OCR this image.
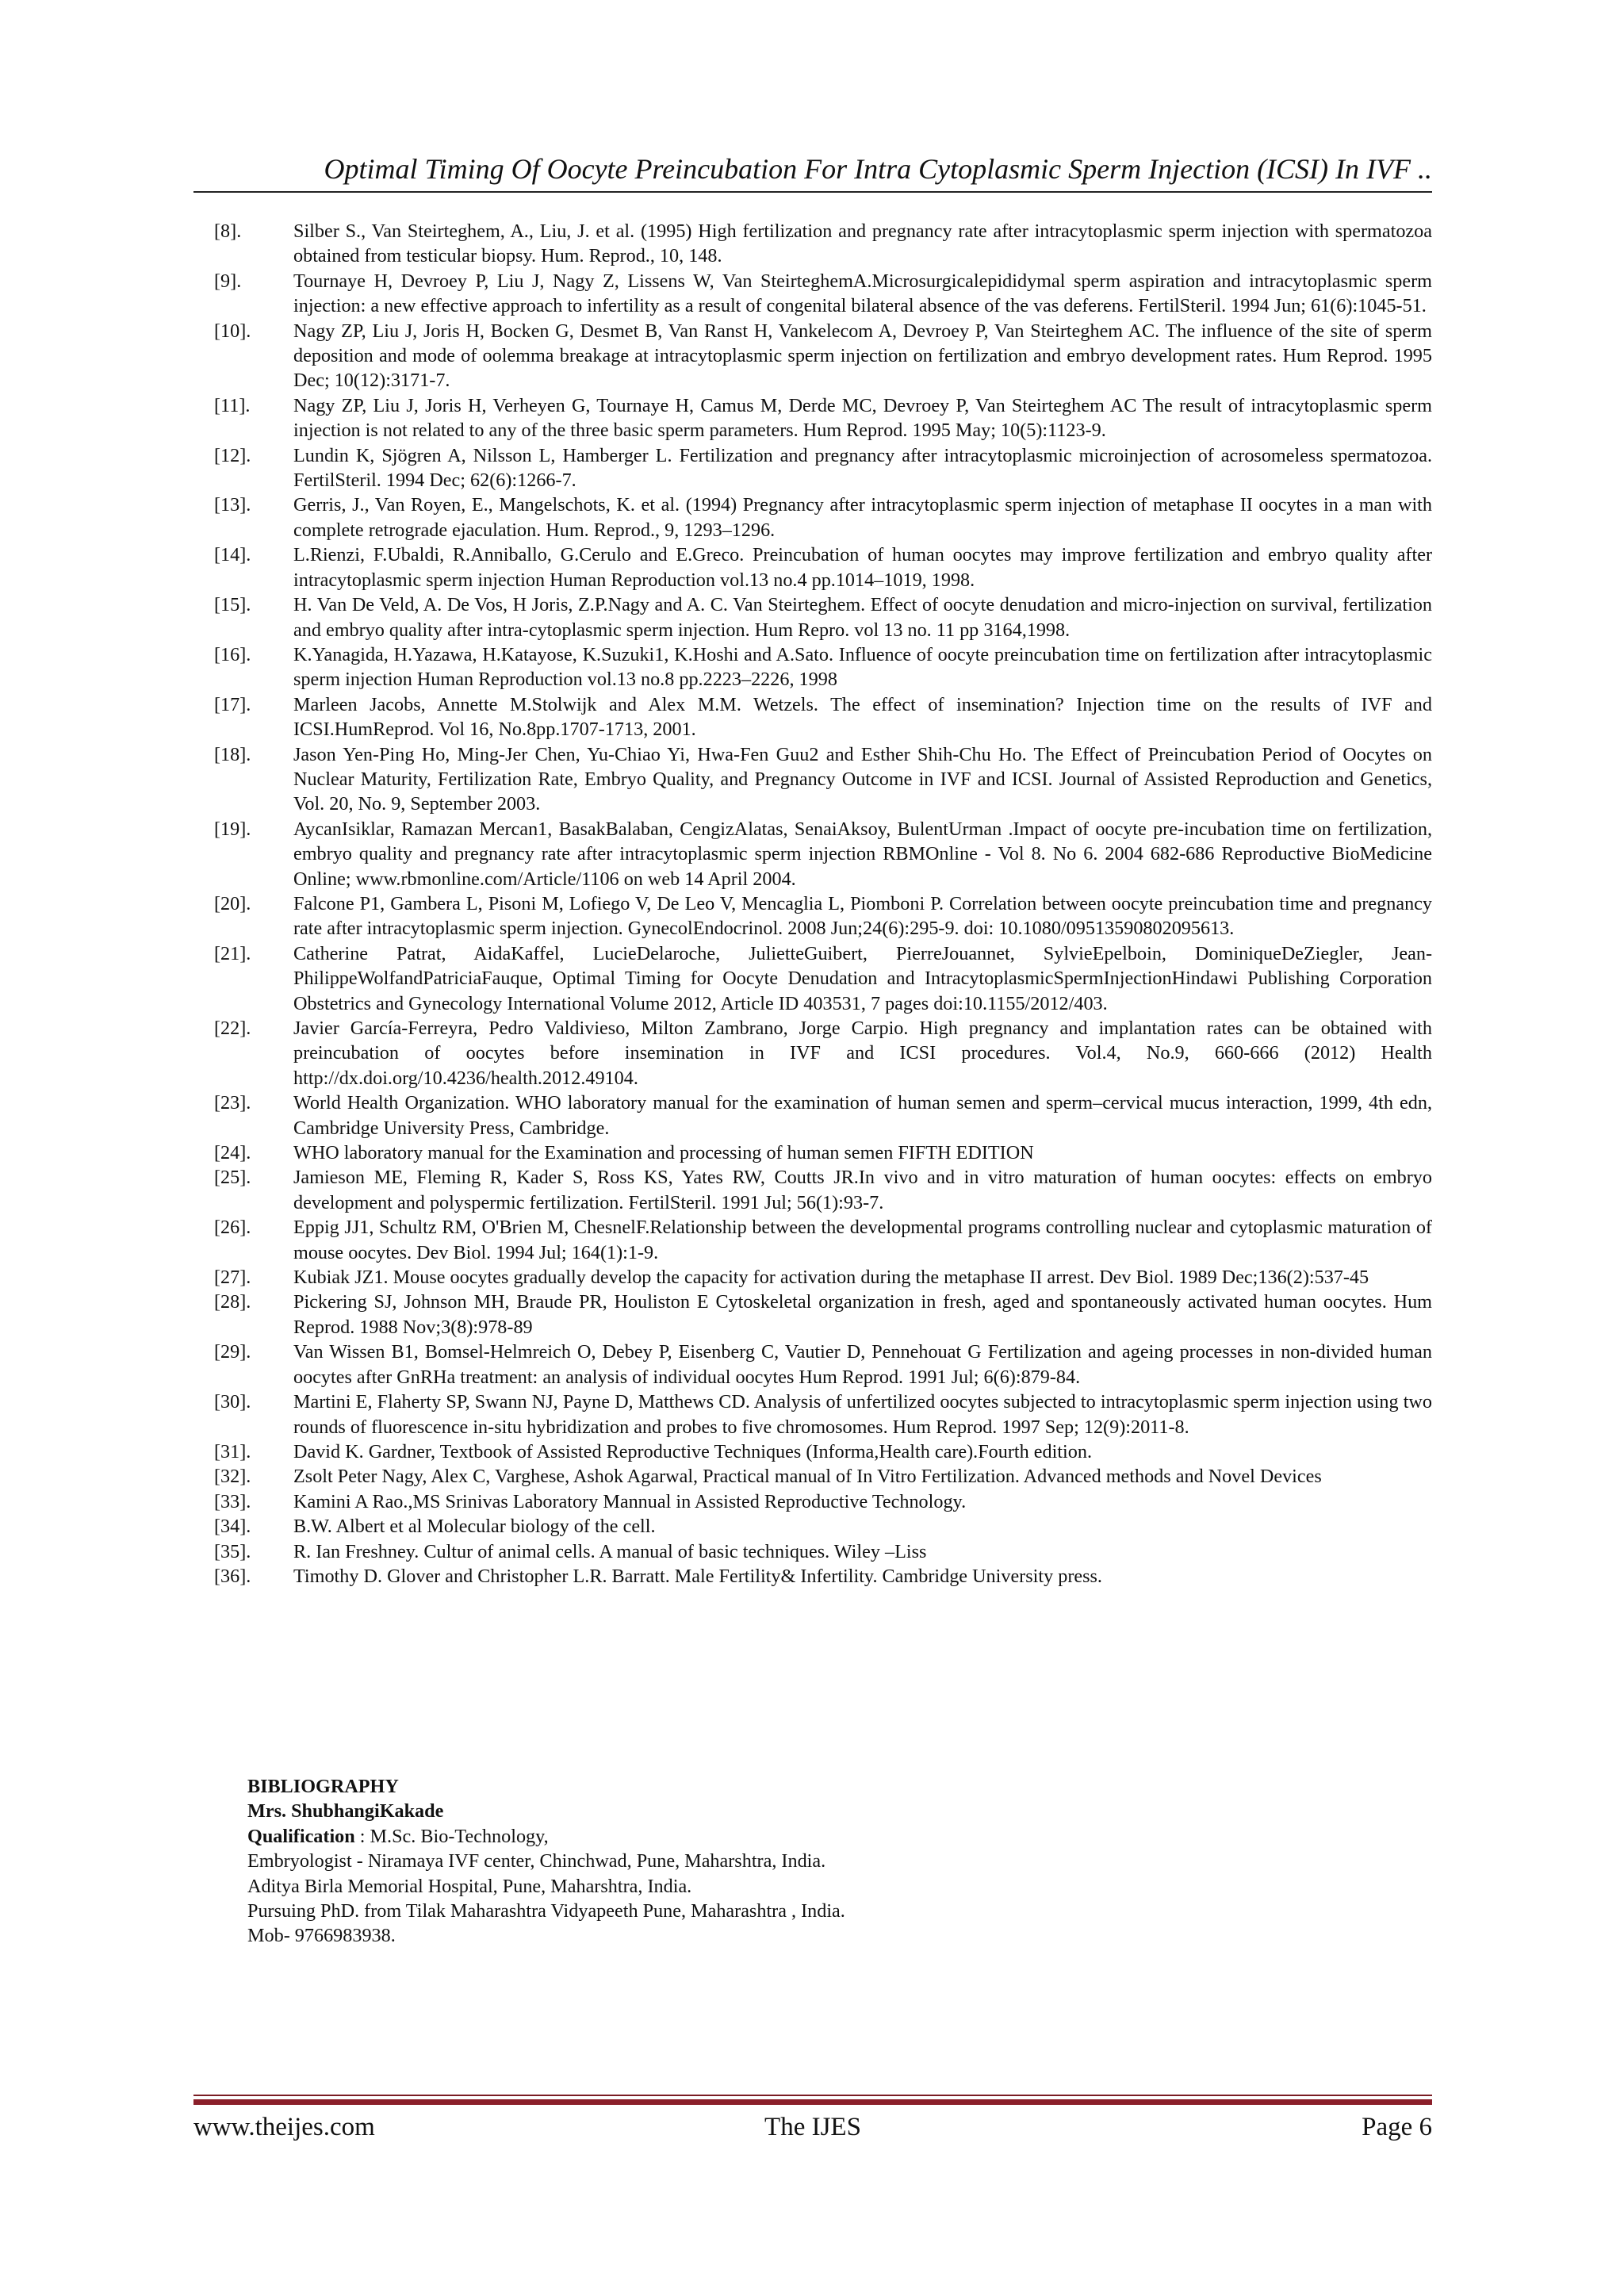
Optimal Timing Of Oocyte Preincubation For Intra Cytoplasmic Sperm Injection (ICSI) In IVF ..
[8].	Silber S., Van Steirteghem, A., Liu, J. et al. (1995) High fertilization and pregnancy rate after intracytoplasmic sperm injection with spermatozoa obtained from testicular biopsy. Hum. Reprod., 10, 148.
[9].	Tournaye H, Devroey P, Liu J, Nagy Z, Lissens W, Van SteirteghemA.Microsurgicalepididymal sperm aspiration and intracytoplasmic sperm injection: a new effective approach to infertility as a result of congenital bilateral absence of the vas deferens. FertilSteril. 1994 Jun; 61(6):1045-51.
[10].	Nagy ZP, Liu J, Joris H, Bocken G, Desmet B, Van Ranst H, Vankelecom A, Devroey P, Van Steirteghem AC. The influence of the site of sperm deposition and mode of oolemma breakage at intracytoplasmic sperm injection on fertilization and embryo development rates. Hum Reprod. 1995 Dec; 10(12):3171-7.
[11].	Nagy ZP, Liu J, Joris H, Verheyen G, Tournaye H, Camus M, Derde MC, Devroey P, Van Steirteghem AC The result of intracytoplasmic sperm injection is not related to any of the three basic sperm parameters. Hum Reprod. 1995 May; 10(5):1123-9.
[12].	Lundin K, Sjögren A, Nilsson L, Hamberger L. Fertilization and pregnancy after intracytoplasmic microinjection of acrosomeless spermatozoa. FertilSteril. 1994 Dec; 62(6):1266-7.
[13].	Gerris, J., Van Royen, E., Mangelschots, K. et al. (1994) Pregnancy after intracytoplasmic sperm injection of metaphase II oocytes in a man with complete retrograde ejaculation. Hum. Reprod., 9, 1293–1296.
[14].	L.Rienzi, F.Ubaldi, R.Anniballo, G.Cerulo and E.Greco. Preincubation of human oocytes may improve fertilization and embryo quality after intracytoplasmic sperm injection Human Reproduction vol.13 no.4 pp.1014–1019, 1998.
[15].	H. Van De Veld, A. De Vos, H Joris, Z.P.Nagy and A. C. Van Steirteghem. Effect of oocyte denudation and micro-injection on survival, fertilization and embryo quality after intra-cytoplasmic sperm injection. Hum Repro. vol 13 no. 11 pp 3164,1998.
[16].	K.Yanagida, H.Yazawa, H.Katayose, K.Suzuki1, K.Hoshi and A.Sato. Influence of oocyte preincubation time on fertilization after intracytoplasmic sperm injection Human Reproduction vol.13 no.8 pp.2223–2226, 1998
[17].	Marleen Jacobs, Annette M.Stolwijk and Alex M.M. Wetzels. The effect of insemination? Injection time on the results of IVF and ICSI.HumReprod. Vol 16, No.8pp.1707-1713, 2001.
[18].	Jason Yen-Ping Ho, Ming-Jer Chen, Yu-Chiao Yi, Hwa-Fen Guu2 and Esther Shih-Chu Ho. The Effect of Preincubation Period of Oocytes on Nuclear Maturity, Fertilization Rate, Embryo Quality, and Pregnancy Outcome in IVF and ICSI. Journal of Assisted Reproduction and Genetics, Vol. 20, No. 9, September 2003.
[19].	AycanIsiklar, Ramazan Mercan1, BasakBalaban, CengizAlatas, SenaiAksoy, BulentUrman .Impact of oocyte pre-incubation time on fertilization, embryo quality and pregnancy rate after intracytoplasmic sperm injection RBMOnline - Vol 8. No 6. 2004 682-686 Reproductive BioMedicine Online; www.rbmonline.com/Article/1106 on web 14 April 2004.
[20].	Falcone P1, Gambera L, Pisoni M, Lofiego V, De Leo V, Mencaglia L, Piomboni P. Correlation between oocyte preincubation time and pregnancy rate after intracytoplasmic sperm injection. GynecolEndocrinol. 2008 Jun;24(6):295-9. doi: 10.1080/09513590802095613.
[21].	Catherine Patrat, AidaKaffel, LucieDelaroche, JulietteGuibert, PierreJouannet, SylvieEpelboin, DominiqueDeZiegler, Jean-PhilippeWolfandPatriciaFauque, Optimal Timing for Oocyte Denudation and IntracytoplasmicSpermInjectionHindawi Publishing Corporation Obstetrics and Gynecology International Volume 2012, Article ID 403531, 7 pages doi:10.1155/2012/403.
[22].	Javier García-Ferreyra, Pedro Valdivieso, Milton Zambrano, Jorge Carpio. High pregnancy and implantation rates can be obtained with preincubation of oocytes before insemination in IVF and ICSI procedures. Vol.4, No.9, 660-666 (2012) Health http://dx.doi.org/10.4236/health.2012.49104.
[23].	World Health Organization. WHO laboratory manual for the examination of human semen and sperm–cervical mucus interaction, 1999, 4th edn, Cambridge University Press, Cambridge.
[24].	WHO laboratory manual for the Examination and processing of human semen FIFTH EDITION
[25].	Jamieson ME, Fleming R, Kader S, Ross KS, Yates RW, Coutts JR.In vivo and in vitro maturation of human oocytes: effects on embryo development and polyspermic fertilization. FertilSteril. 1991 Jul; 56(1):93-7.
[26].	Eppig JJ1, Schultz RM, O'Brien M, ChesnelF.Relationship between the developmental programs controlling nuclear and cytoplasmic maturation of mouse oocytes. Dev Biol. 1994 Jul; 164(1):1-9.
[27].	Kubiak JZ1. Mouse oocytes gradually develop the capacity for activation during the metaphase II arrest. Dev Biol. 1989 Dec;136(2):537-45
[28].	Pickering SJ, Johnson MH, Braude PR, Houliston E Cytoskeletal organization in fresh, aged and spontaneously activated human oocytes. Hum Reprod. 1988 Nov;3(8):978-89
[29].	Van Wissen B1, Bomsel-Helmreich O, Debey P, Eisenberg C, Vautier D, Pennehouat G Fertilization and ageing processes in non-divided human oocytes after GnRHa treatment: an analysis of individual oocytes Hum Reprod. 1991 Jul; 6(6):879-84.
[30].	Martini E, Flaherty SP, Swann NJ, Payne D, Matthews CD. Analysis of unfertilized oocytes subjected to intracytoplasmic sperm injection using two rounds of fluorescence in-situ hybridization and probes to five chromosomes. Hum Reprod. 1997 Sep; 12(9):2011-8.
[31].	David K. Gardner, Textbook of Assisted Reproductive Techniques (Informa,Health care).Fourth edition.
[32].	Zsolt Peter Nagy, Alex C, Varghese, Ashok Agarwal, Practical manual of In Vitro Fertilization. Advanced methods and Novel Devices
[33].	Kamini A Rao.,MS Srinivas Laboratory Mannual in Assisted Reproductive Technology.
[34].	B.W. Albert et al Molecular biology of the cell.
[35].	R. Ian Freshney. Cultur of animal cells. A manual of basic techniques. Wiley –Liss
[36].	Timothy D. Glover and Christopher L.R. Barratt. Male Fertility& Infertility. Cambridge University press.
BIBLIOGRAPHY
Mrs. ShubhangiKakade
Qualification : M.Sc. Bio-Technology,
Embryologist - Niramaya IVF center, Chinchwad, Pune, Maharshtra, India.
Aditya Birla Memorial Hospital, Pune, Maharshtra, India.
Pursuing PhD. from Tilak Maharashtra Vidyapeeth Pune, Maharashtra , India.
Mob- 9766983938.
The IJES
www.theijes.com	Page 6
